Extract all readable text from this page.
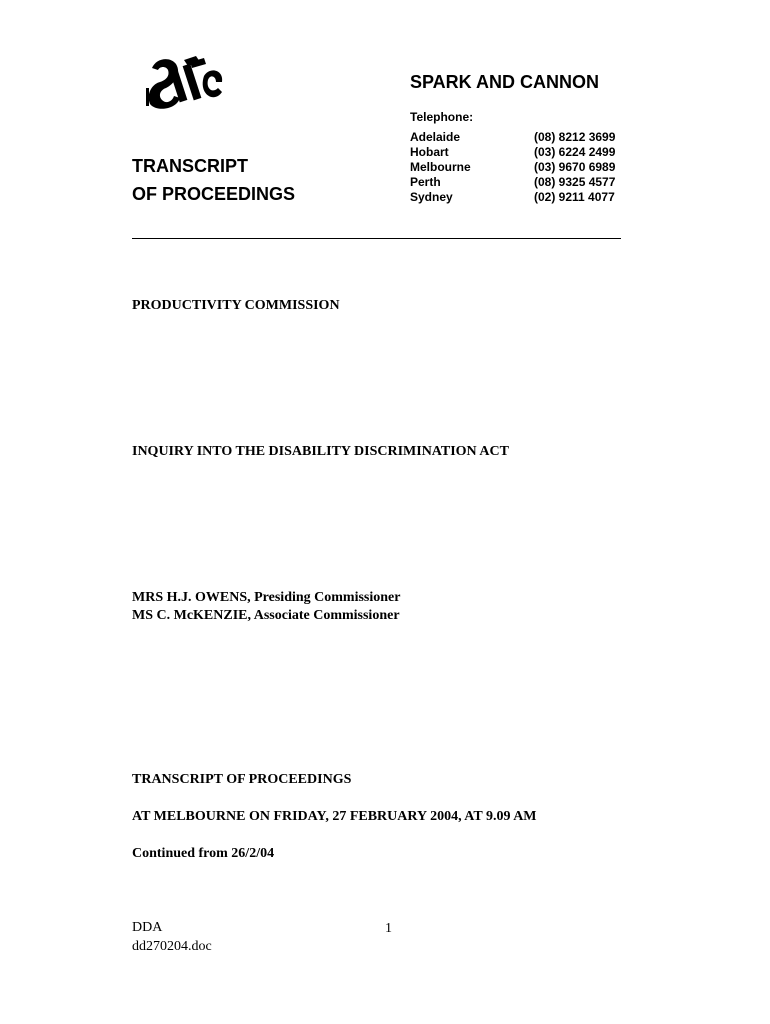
SPARK AND CANNON
Telephone:
Adelaide
Hobart
Melbourne
Perth
Sydney
(08) 8212 3699
(03) 6224 2499
(03) 9670 6989
(08) 9325 4577
(02) 9211 4077
TRANSCRIPT
OF PROCEEDINGS
PRODUCTIVITY COMMISSION
INQUIRY INTO THE DISABILITY DISCRIMINATION ACT
MRS H.J. OWENS, Presiding Commissioner
MS C. McKENZIE, Associate Commissioner
TRANSCRIPT OF PROCEEDINGS
AT MELBOURNE ON FRIDAY, 27 FEBRUARY 2004, AT 9.09 AM
Continued from 26/2/04
DDA
dd270204.doc
1
